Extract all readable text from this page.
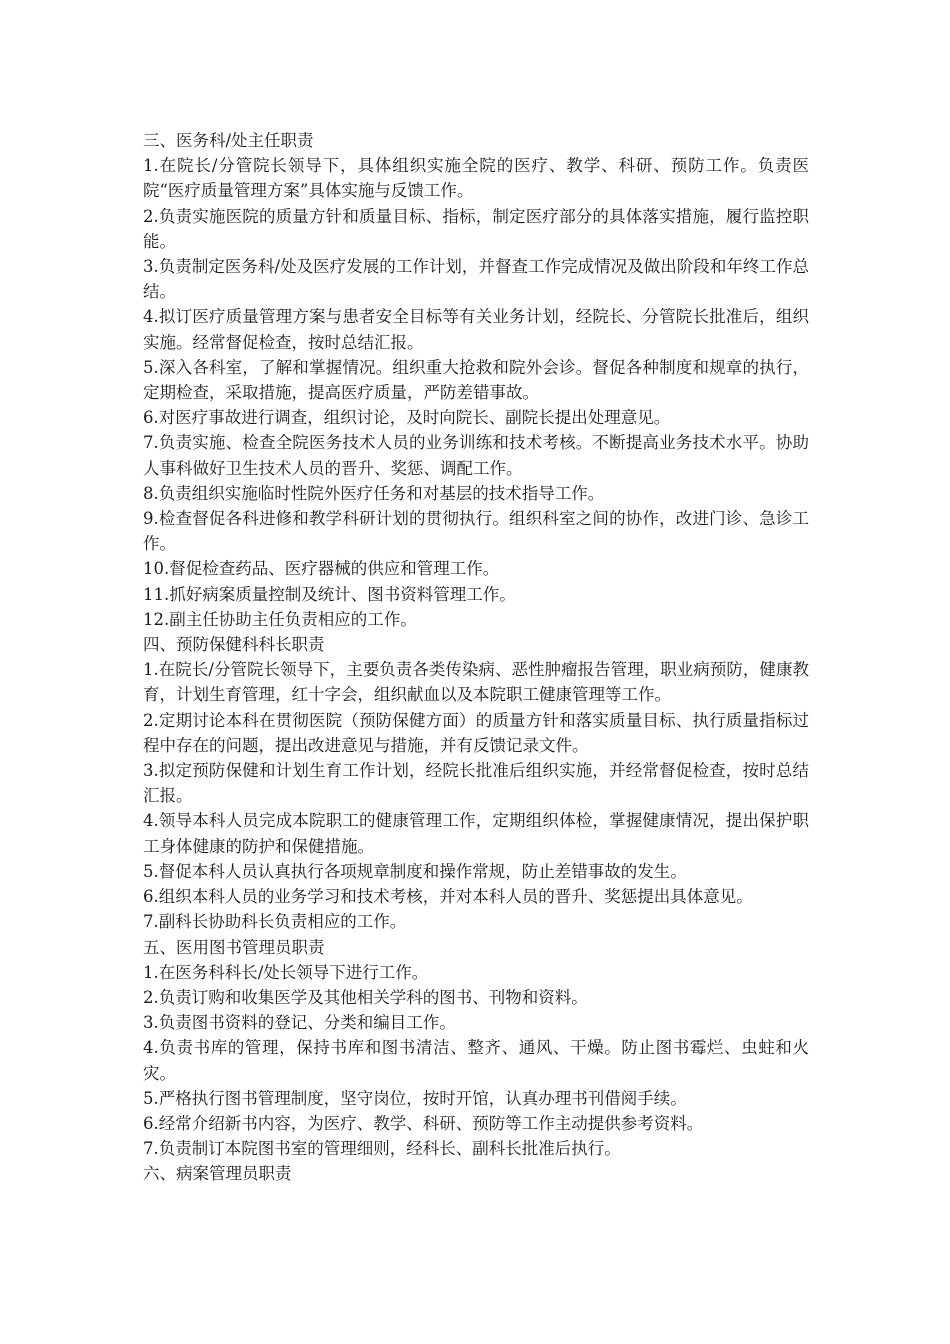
三、医务科/处主任职责
1.在院长/分管院长领导下，具体组织实施全院的医疗、教学、科研、预防工作。负责医院“医疗质量管理方案”具体实施与反馈工作。
2.负责实施医院的质量方针和质量目标、指标，制定医疗部分的具体落实措施，履行监控职能。
3.负责制定医务科/处及医疗发展的工作计划，并督查工作完成情况及做出阶段和年终工作总结。
4.拟订医疗质量管理方案与患者安全目标等有关业务计划，经院长、分管院长批准后，组织实施。经常督促检查，按时总结汇报。
5.深入各科室，了解和掌握情况。组织重大抢救和院外会诊。督促各种制度和规章的执行，定期检查，采取措施，提高医疗质量，严防差错事故。
6.对医疗事故进行调查，组织讨论，及时向院长、副院长提出处理意见。
7.负责实施、检查全院医务技术人员的业务训练和技术考核。不断提高业务技术水平。协助人事科做好卫生技术人员的晋升、奖惩、调配工作。
8.负责组织实施临时性院外医疗任务和对基层的技术指导工作。
9.检查督促各科进修和教学科研计划的贯彻执行。组织科室之间的协作，改进门诊、急诊工作。
10.督促检查药品、医疗器械的供应和管理工作。
11.抓好病案质量控制及统计、图书资料管理工作。
12.副主任协助主任负责相应的工作。
四、预防保健科科长职责
1.在院长/分管院长领导下，主要负责各类传染病、恶性肿瘤报告管理，职业病预防，健康教育，计划生育管理，红十字会，组织献血以及本院职工健康管理等工作。
2.定期讨论本科在贯彻医院（预防保健方面）的质量方针和落实质量目标、执行质量指标过程中存在的问题，提出改进意见与措施，并有反馈记录文件。
3.拟定预防保健和计划生育工作计划，经院长批准后组织实施，并经常督促检查，按时总结汇报。
4.领导本科人员完成本院职工的健康管理工作，定期组织体检，掌握健康情况，提出保护职工身体健康的防护和保健措施。
5.督促本科人员认真执行各项规章制度和操作常规，防止差错事故的发生。
6.组织本科人员的业务学习和技术考核，并对本科人员的晋升、奖惩提出具体意见。
7.副科长协助科长负责相应的工作。
五、医用图书管理员职责
1.在医务科科长/处长领导下进行工作。
2.负责订购和收集医学及其他相关学科的图书、刊物和资料。
3.负责图书资料的登记、分类和编目工作。
4.负责书库的管理，保持书库和图书清洁、整齐、通风、干燥。防止图书霉烂、虫蛀和火灾。
5.严格执行图书管理制度，坚守岗位，按时开馆，认真办理书刊借阅手续。
6.经常介绍新书内容，为医疗、教学、科研、预防等工作主动提供参考资料。
7.负责制订本院图书室的管理细则，经科长、副科长批准后执行。
六、病案管理员职责
